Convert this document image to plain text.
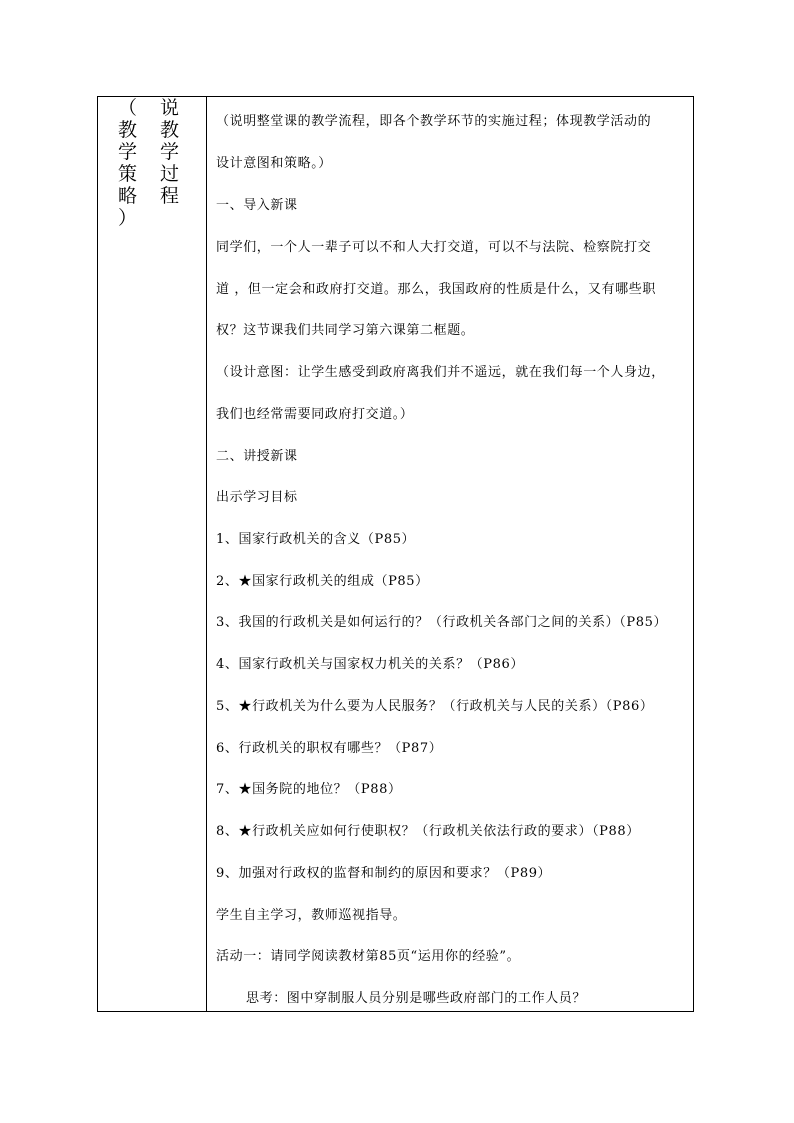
（
教
学
策
略
）
说
教
学
过
程
（说明整堂课的教学流程，即各个教学环节的实施过程；体现教学活动的
设计意图和策略。）
一、导入新课
同学们，一个人一辈子可以不和人大打交道，可以不与法院、检察院打交
道 ，但一定会和政府打交道。那么，我国政府的性质是什么，又有哪些职
权？这节课我们共同学习第六课第二框题。
（设计意图：让学生感受到政府离我们并不遥远，就在我们每一个人身边，
我们也经常需要同政府打交道。）
二、讲授新课
出示学习目标
1、国家行政机关的含义（P85）
2、★国家行政机关的组成（P85）
3、我国的行政机关是如何运行的？（行政机关各部门之间的关系）（P85）
4、国家行政机关与国家权力机关的关系？（P86）
5、★行政机关为什么要为人民服务？（行政机关与人民的关系）（P86）
6、行政机关的职权有哪些？（P87）
7、★国务院的地位？（P88）
8、★行政机关应如何行使职权？（行政机关依法行政的要求）（P88）
9、加强对行政权的监督和制约的原因和要求？（P89）
学生自主学习，教师巡视指导。
活动一：请同学阅读教材第85页“运用你的经验”。
思考：图中穿制服人员分别是哪些政府部门的工作人员？
